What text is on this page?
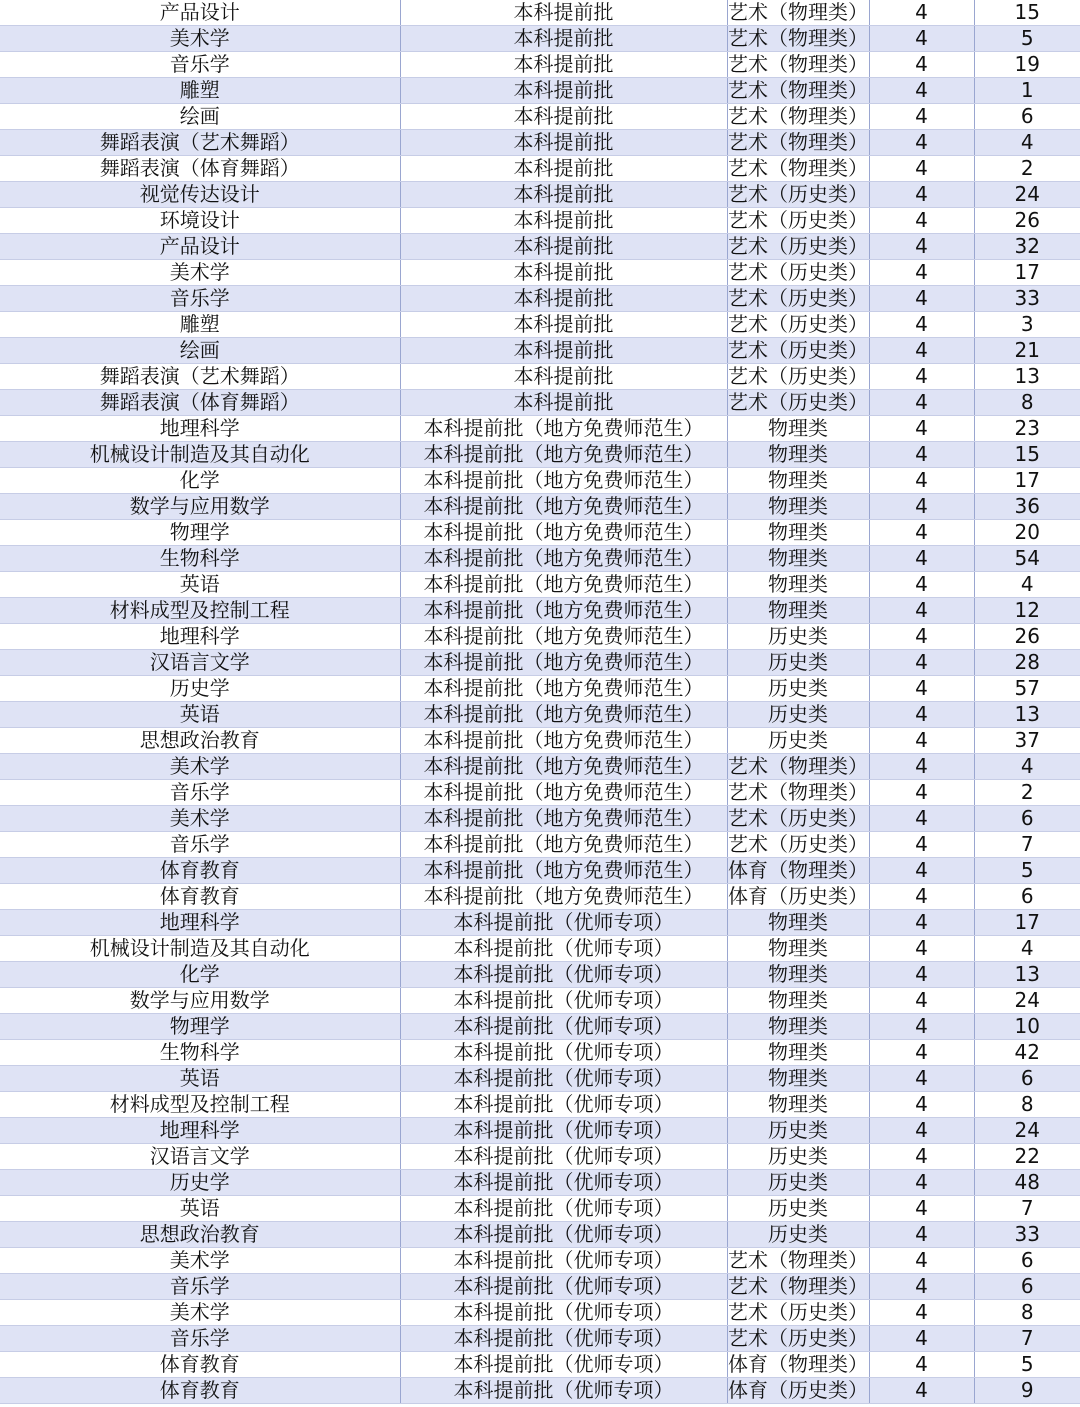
产品设计	本科提前批	艺术（物理类）	4	15
美术学	本科提前批	艺术（物理类）	4	5
音乐学	本科提前批	艺术（物理类）	4	19
雕塑	本科提前批	艺术（物理类）	4	1
绘画	本科提前批	艺术（物理类）	4	6
舞蹈表演（艺术舞蹈）	本科提前批	艺术（物理类）	4	4
舞蹈表演（体育舞蹈）	本科提前批	艺术（物理类）	4	2
视觉传达设计	本科提前批	艺术（历史类）	4	24
环境设计	本科提前批	艺术（历史类）	4	26
产品设计	本科提前批	艺术（历史类）	4	32
美术学	本科提前批	艺术（历史类）	4	17
音乐学	本科提前批	艺术（历史类）	4	33
雕塑	本科提前批	艺术（历史类）	4	3
绘画	本科提前批	艺术（历史类）	4	21
舞蹈表演（艺术舞蹈）	本科提前批	艺术（历史类）	4	13
舞蹈表演（体育舞蹈）	本科提前批	艺术（历史类）	4	8
地理科学	本科提前批（地方免费师范生）	物理类	4	23
机械设计制造及其自动化	本科提前批（地方免费师范生）	物理类	4	15
化学	本科提前批（地方免费师范生）	物理类	4	17
数学与应用数学	本科提前批（地方免费师范生）	物理类	4	36
物理学	本科提前批（地方免费师范生）	物理类	4	20
生物科学	本科提前批（地方免费师范生）	物理类	4	54
英语	本科提前批（地方免费师范生）	物理类	4	4
材料成型及控制工程	本科提前批（地方免费师范生）	物理类	4	12
地理科学	本科提前批（地方免费师范生）	历史类	4	26
汉语言文学	本科提前批（地方免费师范生）	历史类	4	28
历史学	本科提前批（地方免费师范生）	历史类	4	57
英语	本科提前批（地方免费师范生）	历史类	4	13
思想政治教育	本科提前批（地方免费师范生）	历史类	4	37
美术学	本科提前批（地方免费师范生）	艺术（物理类）	4	4
音乐学	本科提前批（地方免费师范生）	艺术（物理类）	4	2
美术学	本科提前批（地方免费师范生）	艺术（历史类）	4	6
音乐学	本科提前批（地方免费师范生）	艺术（历史类）	4	7
体育教育	本科提前批（地方免费师范生）	体育（物理类）	4	5
体育教育	本科提前批（地方免费师范生）	体育（历史类）	4	6
地理科学	本科提前批（优师专项）	物理类	4	17
机械设计制造及其自动化	本科提前批（优师专项）	物理类	4	4
化学	本科提前批（优师专项）	物理类	4	13
数学与应用数学	本科提前批（优师专项）	物理类	4	24
物理学	本科提前批（优师专项）	物理类	4	10
生物科学	本科提前批（优师专项）	物理类	4	42
英语	本科提前批（优师专项）	物理类	4	6
材料成型及控制工程	本科提前批（优师专项）	物理类	4	8
地理科学	本科提前批（优师专项）	历史类	4	24
汉语言文学	本科提前批（优师专项）	历史类	4	22
历史学	本科提前批（优师专项）	历史类	4	48
英语	本科提前批（优师专项）	历史类	4	7
思想政治教育	本科提前批（优师专项）	历史类	4	33
美术学	本科提前批（优师专项）	艺术（物理类）	4	6
音乐学	本科提前批（优师专项）	艺术（物理类）	4	6
美术学	本科提前批（优师专项）	艺术（历史类）	4	8
音乐学	本科提前批（优师专项）	艺术（历史类）	4	7
体育教育	本科提前批（优师专项）	体育（物理类）	4	5
体育教育	本科提前批（优师专项）	体育（历史类）	4	9
